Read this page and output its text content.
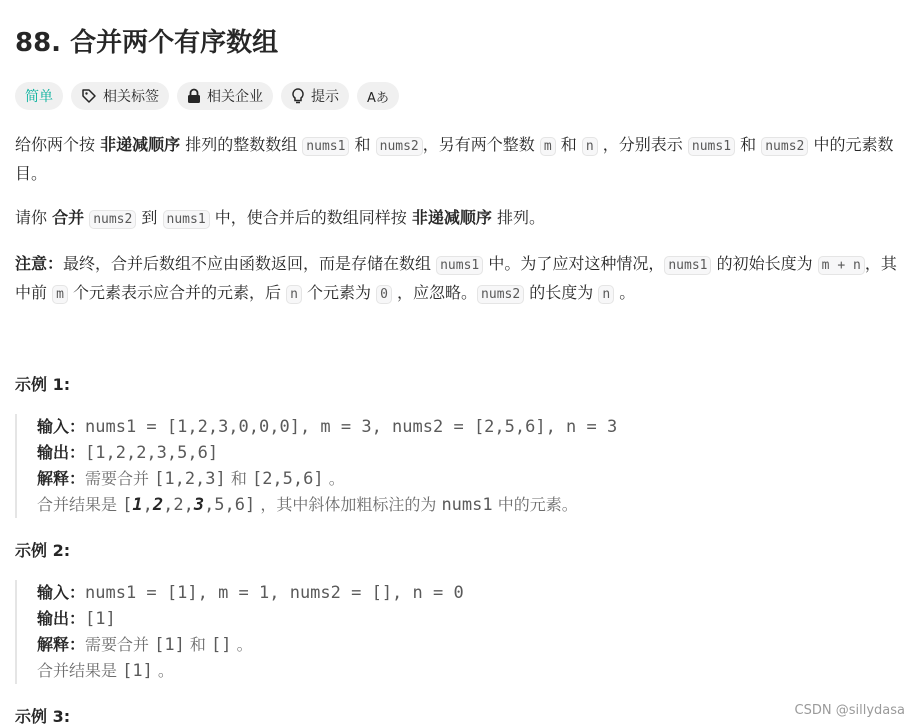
88. 合并两个有序数组
简单	相关标签	相关企业	提示 Aあ

给你两个按 非递减顺序 排列的整数数组 nums1 和 nums2 ，另有两个整数 m 和 n ，分别表示 nums1 和 nums2 中的元素数目。

请你 合并 nums2 到 nums1 中，使合并后的数组同样按 非递减顺序 排列。

注意：最终，合并后数组不应由函数返回，而是存储在数组 nums1 中。为了应对这种情况， nums1 的初始长度为 m + n ，其中前 m 个元素表示应合并的元素，后 n 个元素为 0 ，应忽略。 nums2 的长度为 n 。

示例 1:

输入：nums1 = [1,2,3,0,0,0], m = 3, nums2 = [2,5,6], n = 3
输出：[1,2,2,3,5,6]
解释：需要合并 [1,2,3] 和 [2,5,6] 。
合并结果是 [1,2,2,3,5,6] ，其中斜体加粗标注的为 nums1 中的元素。

示例 2:

输入：nums1 = [1], m = 1, nums2 = [], n = 0
输出：[1]
解释：需要合并 [1] 和 [] 。
合并结果是 [1] 。

示例 3:	CSDN @sillydasa
